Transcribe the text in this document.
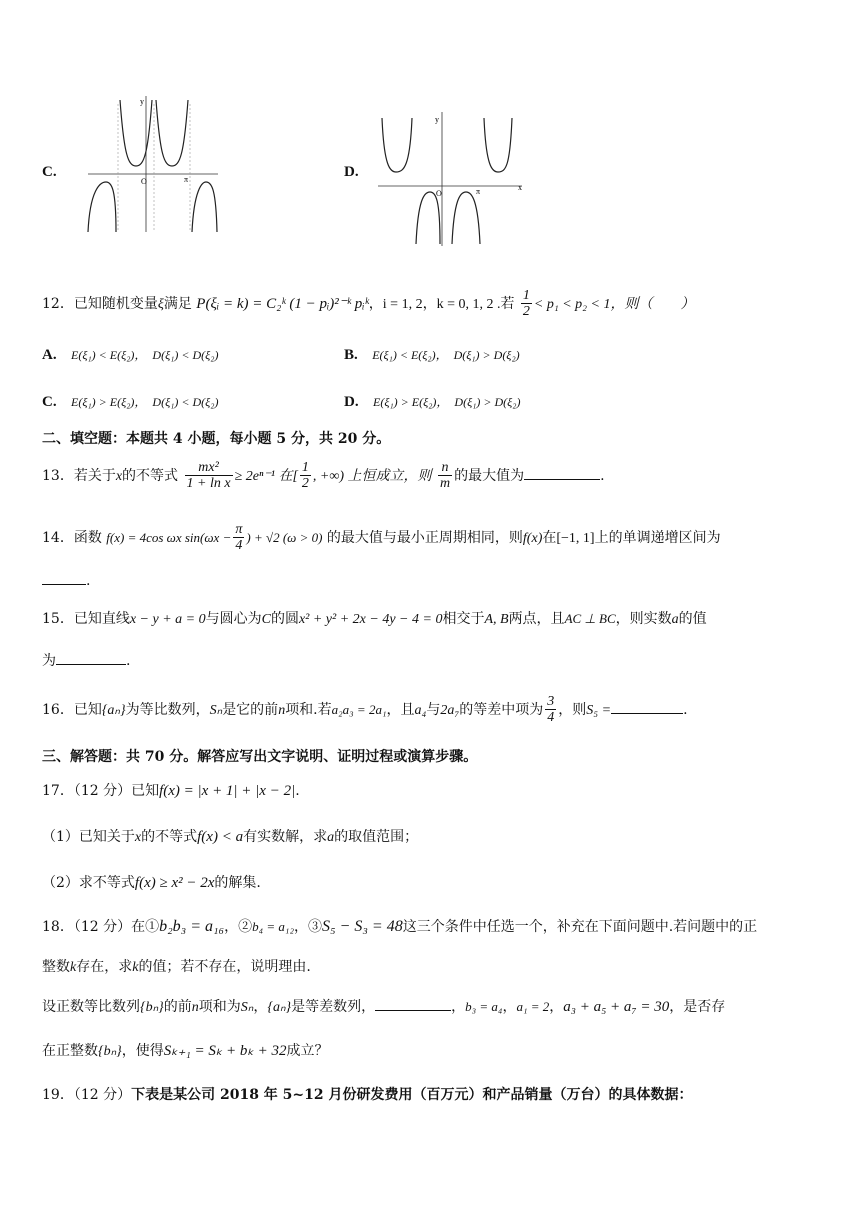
C.
y
O	π	D.
y
x
O	π
12．已知随机变量ξ满足 P(ξᵢ = k) = C₂ᵏ (1 − pᵢ)²⁻ᵏ pᵢᵏ，i = 1, 2，k = 0, 1, 2 .若 $\frac{1}{2} < p_1 < p_2 < 1$，则（　　）
A. E(ξ₁) < E(ξ₂)，　D(ξ₁) < D(ξ₂)	B. E(ξ₁) < E(ξ₂)，　D(ξ₁) > D(ξ₂)
C. E(ξ₁) > E(ξ₂)，　D(ξ₁) < D(ξ₂)	D. E(ξ₁) > E(ξ₂)，　D(ξ₁) > D(ξ₂)
二、填空题：本题共 4 小题，每小题 5 分，共 20 分。
13．若关于x的不等式 $\frac{\text{mx²}}{\text{1 + ln x}} \ge 2e^{n-1}$ 在[ $\frac{1}{2}$ , +∞) 上恒成立，则 $\frac{n}{m}$ 的最大值为	.
14．函数 f(x) = 4cos ωx $\sin(\omega x - \frac{\pi}{4}$ ) + √2 (ω > 0) 的最大值与最小正周期相同，则f(x)在[−1, 1]上的单调递增区间为
.
15．已知直线x − y + a = 0与圆心为C的圆x² + y² + 2x − 4y − 4 = 0相交于A, B两点，且AC ⊥ BC，则实数a的值
为	.
16．已知{aₙ}为等比数列，Sₙ是它的前n项和.若a₂a₃ = 2a₁，且a₄与2a₇的等差中项为 $\frac{3}{4}$ ，则S₅ =	.
三、解答题：共 70 分。解答应写出文字说明、证明过程或演算步骤。
17．（12 分）已知f(x) = |x + 1| + |x − 2|.
（1）已知关于x的不等式f(x) < a有实数解，求a的取值范围；
（2）求不等式f(x) ≥ x² − 2x的解集.
18．（12 分）在①b₂b₃ = a₁₆，②b₄ = a₁₂，③S₅ − S₃ = 48这三个条件中任选一个，补充在下面问题中.若问题中的正
整数k存在，求k的值；若不存在，说明理由.
设正数等比数列{bₙ}的前n项和为Sₙ，{aₙ}是等差数列，	，b₃ = a₄，a₁ = 2，a₃ + a₅ + a₇ = 30，是否存
在正整数{bₙ}，使得Sₖ₊₁ = Sₖ + bₖ + 32成立？
19．（12 分）下表是某公司 2018 年 5~12 月份研发费用（百万元）和产品销量（万台）的具体数据：
